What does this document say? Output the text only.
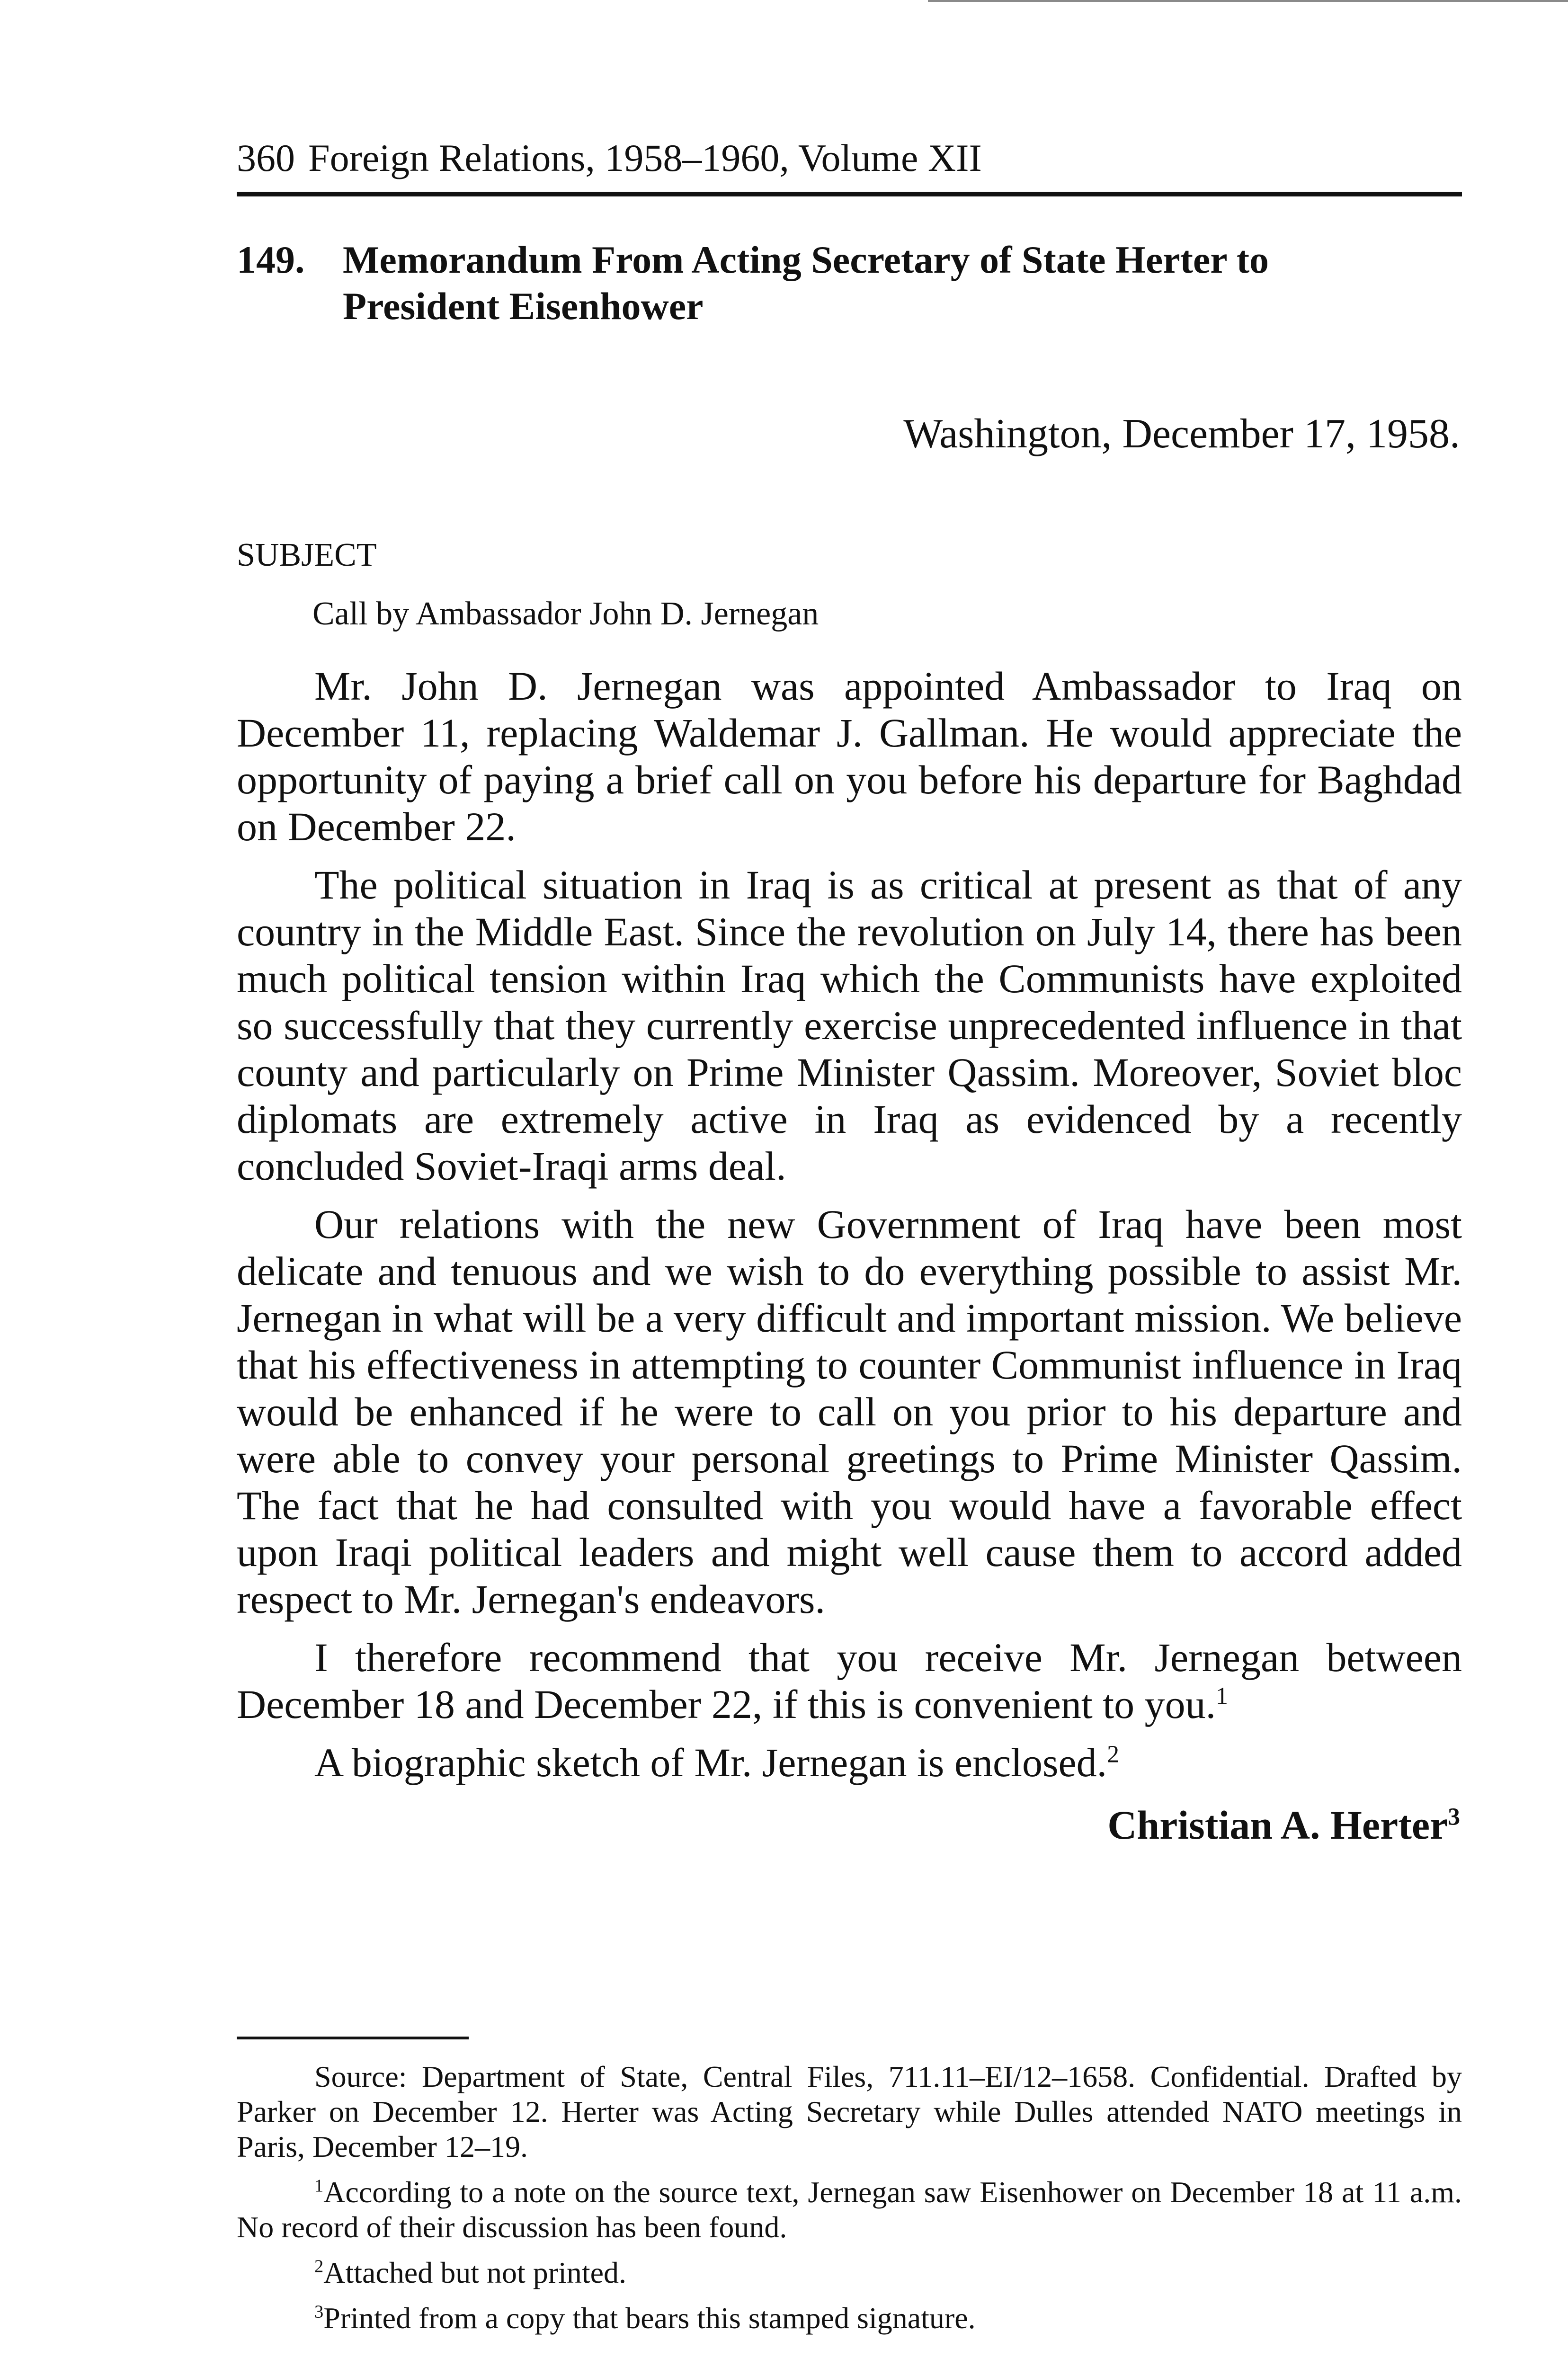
360 Foreign Relations, 1958–1960, Volume XII
149. Memorandum From Acting Secretary of State Herter to
President Eisenhower
Washington, December 17, 1958.
SUBJECT
Call by Ambassador John D. Jernegan

Mr. John D. Jernegan was appointed Ambassador to Iraq on December 11, replacing Waldemar J. Gallman. He would appreciate the opportunity of paying a brief call on you before his departure for Baghdad on December 22.

The political situation in Iraq is as critical at present as that of any country in the Middle East. Since the revolution on July 14, there has been much political tension within Iraq which the Communists have exploited so successfully that they currently exercise unprecedented influence in that county and particularly on Prime Minister Qassim. Moreover, Soviet bloc diplomats are extremely active in Iraq as evidenced by a recently concluded Soviet-Iraqi arms deal.

Our relations with the new Government of Iraq have been most delicate and tenuous and we wish to do everything possible to assist Mr. Jernegan in what will be a very difficult and important mission. We believe that his effectiveness in attempting to counter Communist influence in Iraq would be enhanced if he were to call on you prior to his departure and were able to convey your personal greetings to Prime Minister Qassim. The fact that he had consulted with you would have a favorable effect upon Iraqi political leaders and might well cause them to accord added respect to Mr. Jernegan's endeavors.

I therefore recommend that you receive Mr. Jernegan between December 18 and December 22, if this is convenient to you.$^1$

A biographic sketch of Mr. Jernegan is enclosed.$^2$

Christian A. Herter$^3$

Source: Department of State, Central Files, 711.11–EI/12–1658. Confidential. Drafted by Parker on December 12. Herter was Acting Secretary while Dulles attended NATO meetings in Paris, December 12–19.

$^1$According to a note on the source text, Jernegan saw Eisenhower on December 18 at 11 a.m. No record of their discussion has been found.

$^2$Attached but not printed.

$^3$Printed from a copy that bears this stamped signature.
